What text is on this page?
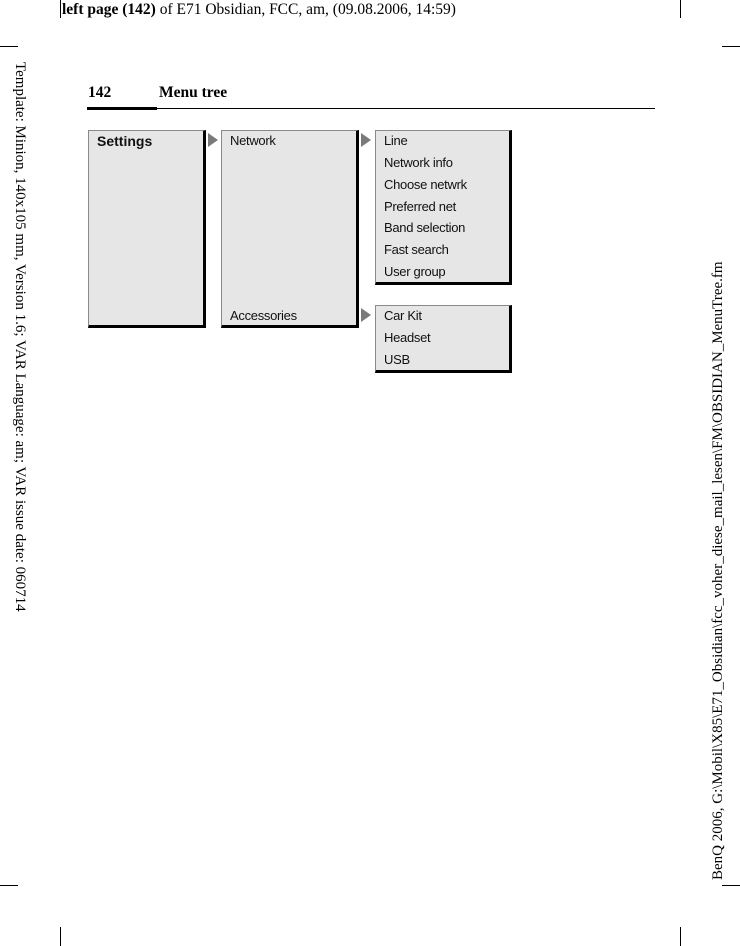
left page (142) of E71 Obsidian, FCC, am, (09.08.2006, 14:59)
Template: Minion, 140x105 mm, Version 1.6; VAR Language: am; VAR issue date: 060714	BenQ 2006, G:\Mobil\X85\E71_Obsidian\fcc_voher_diese_mail_lesen\FM\OBSIDIAN_MenuTree.fm
142	Menu tree
Settings	Network
Accessories
Line
Network info
Choose netwrk
Preferred net
Band selection
Fast search
User group
Car Kit
Headset
USB
